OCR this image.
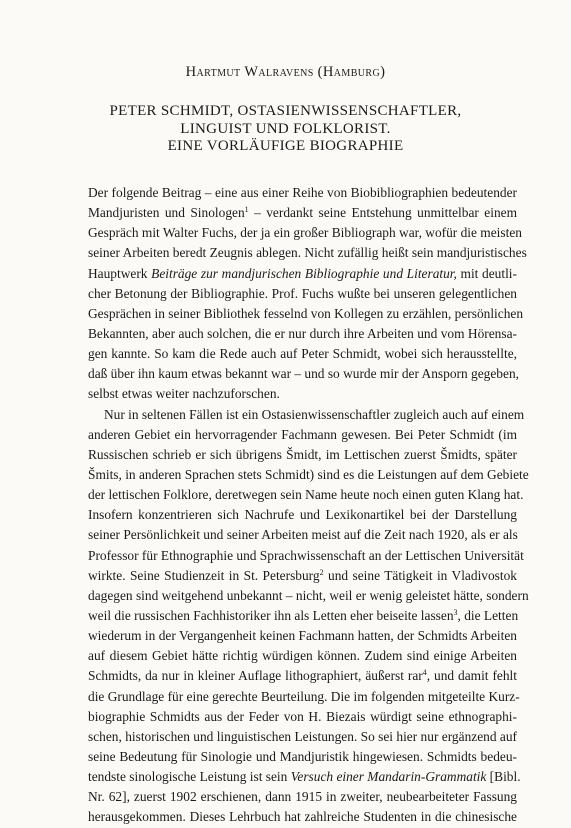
Hartmut Walravens (Hamburg)
PETER SCHMIDT, OSTASIENWISSENSCHAFTLER,
LINGUIST UND FOLKLORIST.
EINE VORLÄUFIGE BIOGRAPHIE
Der folgende Beitrag – eine aus einer Reihe von Biobibliographien bedeutender
Mandjuristen und Sinologen$^1$ – verdankt seine Entstehung unmittelbar einem
Gespräch mit Walter Fuchs, der ja ein großer Bibliograph war, wofür die meisten
seiner Arbeiten beredt Zeugnis ablegen. Nicht zufällig heißt sein mandjuristisches
Hauptwerk Beiträge zur mandjurischen Bibliographie und Literatur, mit deutli-
cher Betonung der Bibliographie. Prof. Fuchs wußte bei unseren gelegentlichen
Gesprächen in seiner Bibliothek fesselnd von Kollegen zu erzählen, persönlichen
Bekannten, aber auch solchen, die er nur durch ihre Arbeiten und vom Hörensa-
gen kannte. So kam die Rede auch auf Peter Schmidt, wobei sich herausstellte,
daß über ihn kaum etwas bekannt war – und so wurde mir der Ansporn gegeben,
selbst etwas weiter nachzuforschen.
Nur in seltenen Fällen ist ein Ostasienwissenschaftler zugleich auch auf einem
anderen Gebiet ein hervorragender Fachmann gewesen. Bei Peter Schmidt (im
Russischen schrieb er sich übrigens Šmidt, im Lettischen zuerst Šmidts, später
Šmits, in anderen Sprachen stets Schmidt) sind es die Leistungen auf dem Gebiete
der lettischen Folklore, deretwegen sein Name heute noch einen guten Klang hat.
Insofern konzentrieren sich Nachrufe und Lexikonartikel bei der Darstellung
seiner Persönlichkeit und seiner Arbeiten meist auf die Zeit nach 1920, als er als
Professor für Ethnographie und Sprachwissenschaft an der Lettischen Universität
wirkte. Seine Studienzeit in St. Petersburg$^2$ und seine Tätigkeit in Vladivostok
dagegen sind weitgehend unbekannt – nicht, weil er wenig geleistet hätte, sondern
weil die russischen Fachhistoriker ihn als Letten eher beiseite lassen$^3$, die Letten
wiederum in der Vergangenheit keinen Fachmann hatten, der Schmidts Arbeiten
auf diesem Gebiet hätte richtig würdigen können. Zudem sind einige Arbeiten
Schmidts, da nur in kleiner Auflage lithographiert, äußerst rar$^4$, und damit fehlt
die Grundlage für eine gerechte Beurteilung. Die im folgenden mitgeteilte Kurz-
biographie Schmidts aus der Feder von H. Biezais würdigt seine ethnographi-
schen, historischen und linguistischen Leistungen. So sei hier nur ergänzend auf
seine Bedeutung für Sinologie und Mandjuristik hingewiesen. Schmidts bedeu-
tendste sinologische Leistung ist sein Versuch einer Mandarin-Grammatik [Bibl.
Nr. 62], zuerst 1902 erschienen, dann 1915 in zweiter, neubearbeiteter Fassung
herausgekommen. Dieses Lehrbuch hat zahlreiche Studenten in die chinesische
